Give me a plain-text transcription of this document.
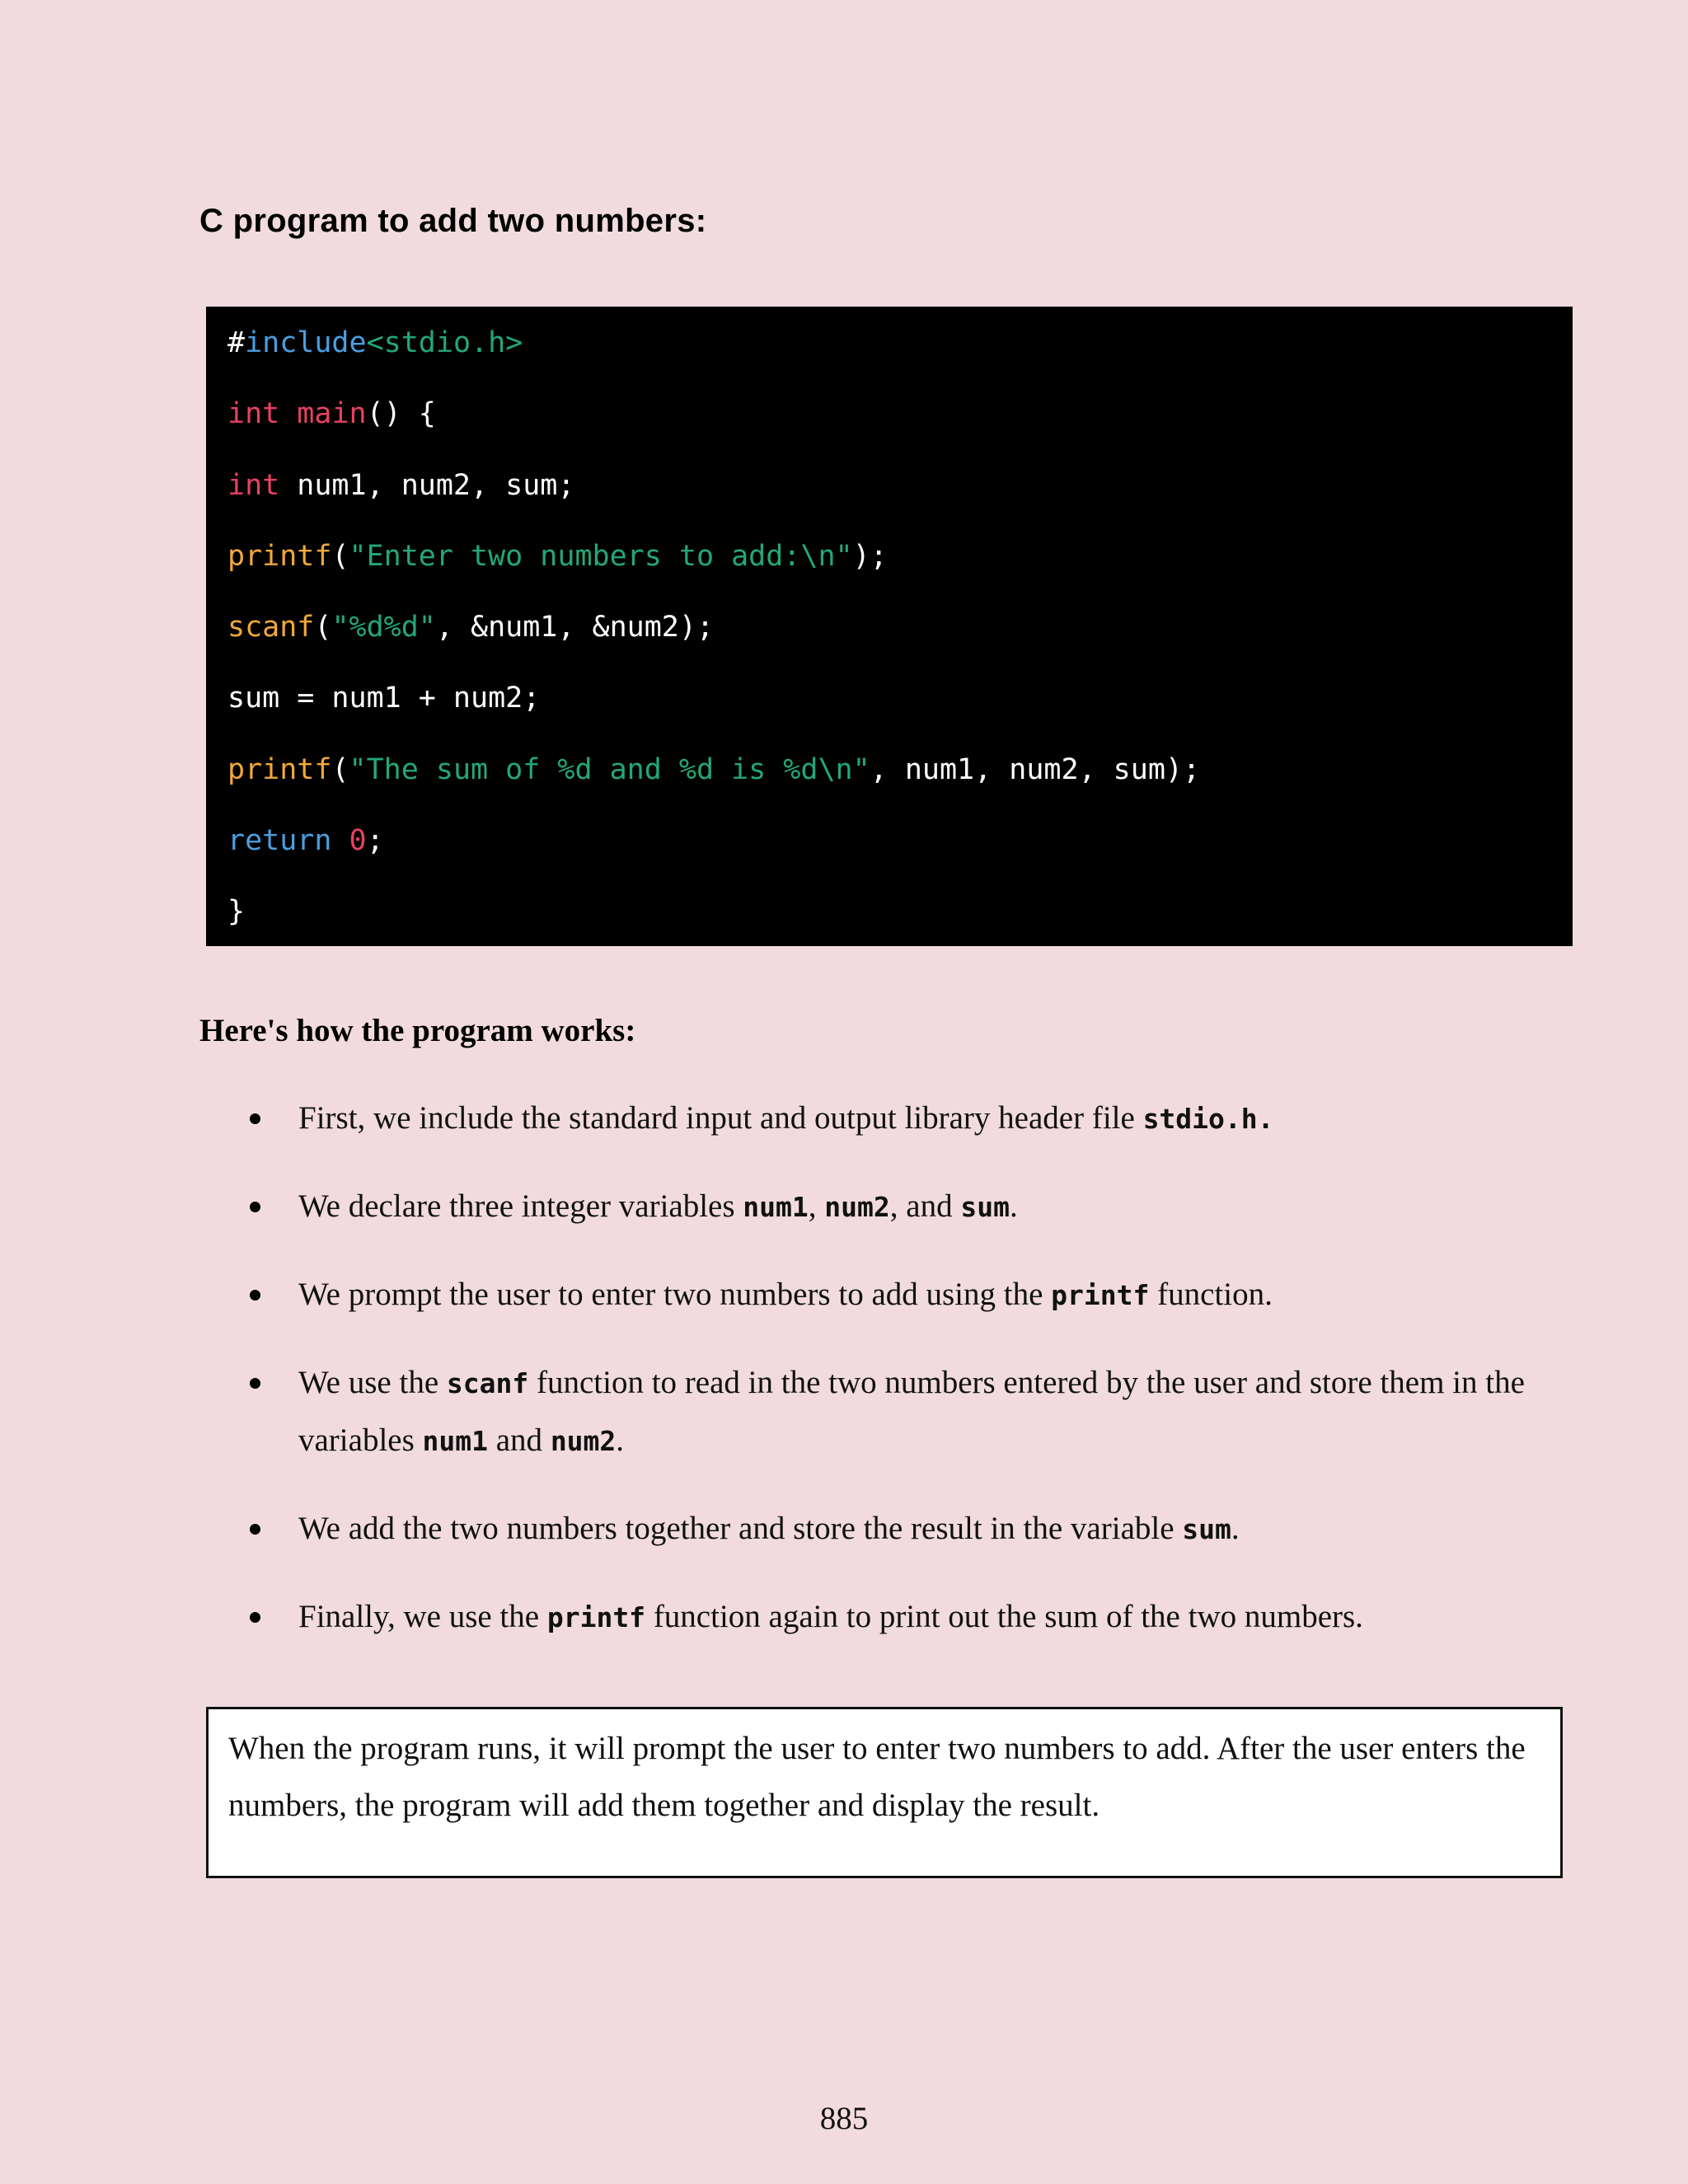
C program to add two numbers:
#include<stdio.h>
int main() {
int num1, num2, sum;
printf("Enter two numbers to add:\n");
scanf("%d%d", &num1, &num2);
sum = num1 + num2;
printf("The sum of %d and %d is %d\n", num1, num2, sum);
return 0;
}
Here's how the program works:
First, we include the standard input and output library header file stdio.h.
We declare three integer variables num1, num2, and sum.
We prompt the user to enter two numbers to add using the printf function.
We use the scanf function to read in the two numbers entered by the user and store them in the variables num1 and num2.
We add the two numbers together and store the result in the variable sum.
Finally, we use the printf function again to print out the sum of the two numbers.
When the program runs, it will prompt the user to enter two numbers to add. After the user enters the numbers, the program will add them together and display the result.
885
